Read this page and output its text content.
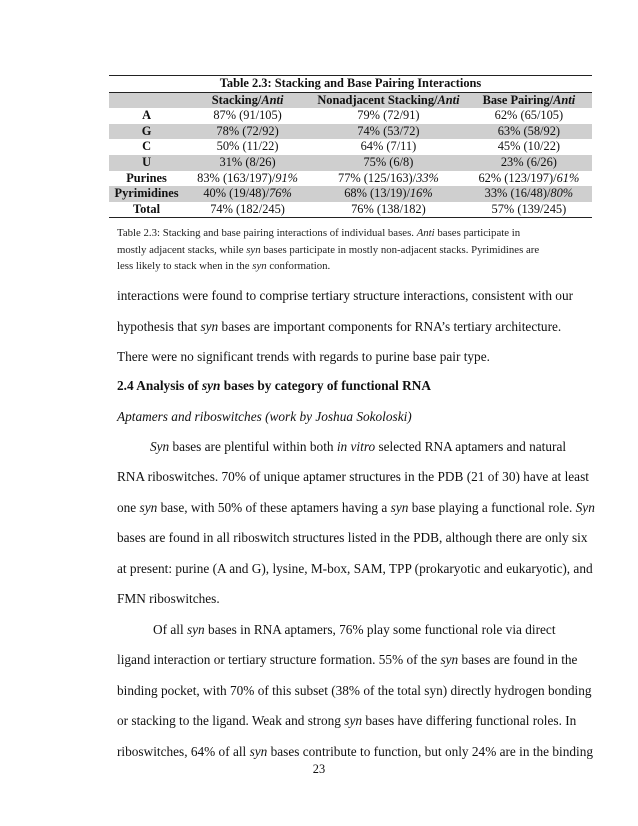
Table 2.3: Stacking and Base Pairing Interactions			
	Stacking/Anti	Nonadjacent Stacking/Anti	Base Pairing/Anti
A	87% (91/105)	79% (72/91)	62% (65/105)
G	78% (72/92)	74% (53/72)	63% (58/92)
C	50% (11/22)	64% (7/11)	45% (10/22)
U	31% (8/26)	75% (6/8)	23% (6/26)
Purines	83% (163/197)/91%	77% (125/163)/33%	62% (123/197)/61%
Pyrimidines	40% (19/48)/76%	68% (13/19)/16%	33% (16/48)/80%
Total	74% (182/245)	76% (138/182)	57% (139/245)
Table 2.3: Stacking and base pairing interactions of individual bases. Anti bases participate in
mostly adjacent stacks, while syn bases participate in mostly non-adjacent stacks. Pyrimidines are
less likely to stack when in the syn conformation.
interactions were found to comprise tertiary structure interactions, consistent with our
hypothesis that syn bases are important components for RNA’s tertiary architecture.
There were no significant trends with regards to purine base pair type.
2.4 Analysis of syn bases by category of functional RNA
Aptamers and riboswitches (work by Joshua Sokoloski)
Syn bases are plentiful within both in vitro selected RNA aptamers and natural
RNA riboswitches. 70% of unique aptamer structures in the PDB (21 of 30) have at least
one syn base, with 50% of these aptamers having a syn base playing a functional role. Syn
bases are found in all riboswitch structures listed in the PDB, although there are only six
at present: purine (A and G), lysine, M-box, SAM, TPP (prokaryotic and eukaryotic), and
FMN riboswitches.
Of all syn bases in RNA aptamers, 76% play some functional role via direct
ligand interaction or tertiary structure formation. 55% of the syn bases are found in the
binding pocket, with 70% of this subset (38% of the total syn) directly hydrogen bonding
or stacking to the ligand. Weak and strong syn bases have differing functional roles. In
riboswitches, 64% of all syn bases contribute to function, but only 24% are in the binding
23
